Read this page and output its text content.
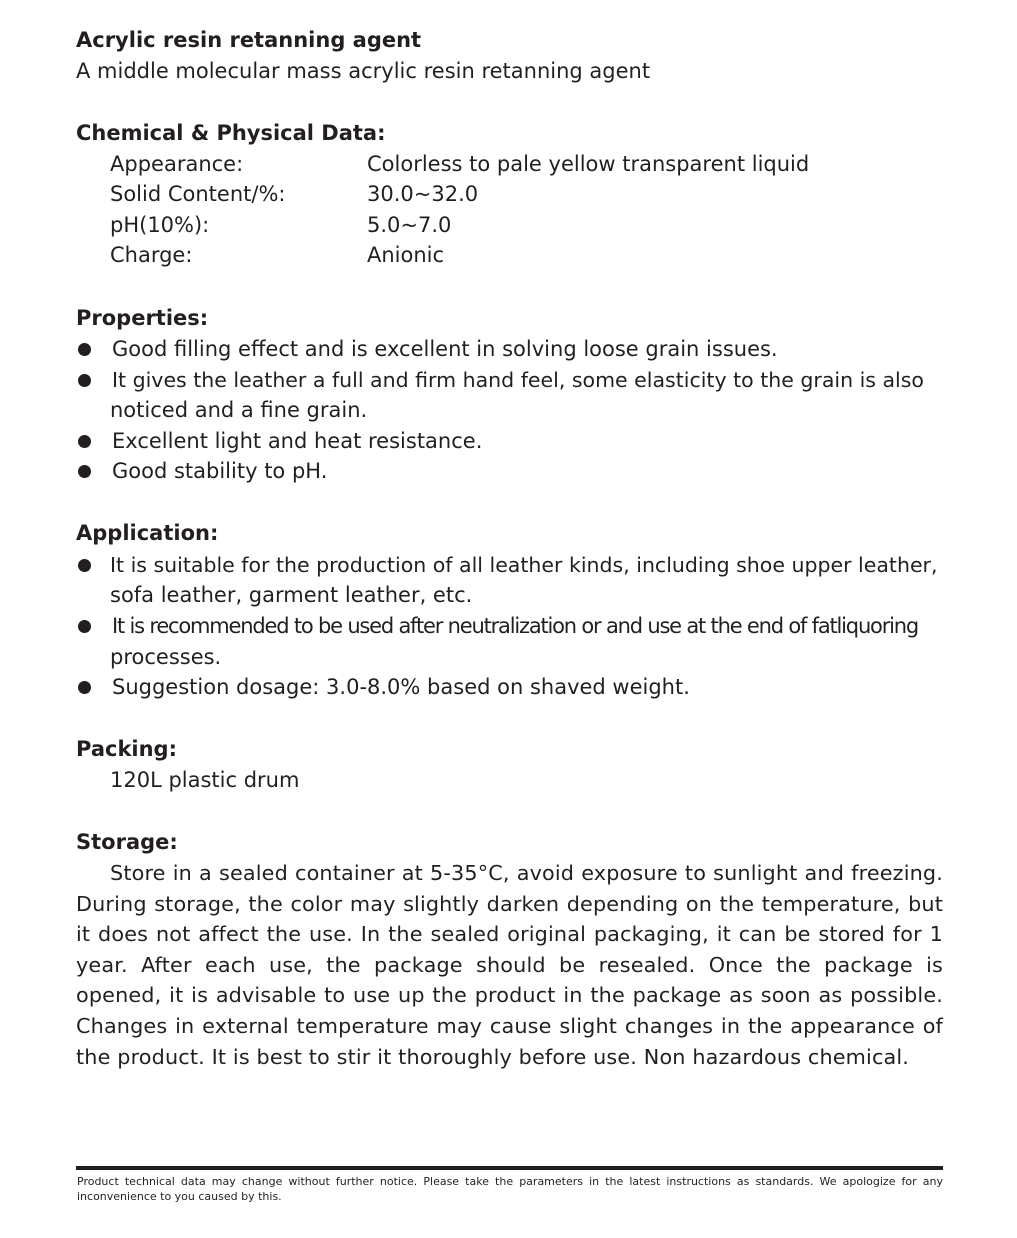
Acrylic resin retanning agent
A middle molecular mass acrylic resin retanning agent
Chemical & Physical Data:
Appearance:	Colorless to pale yellow transparent liquid
Solid Content/%:	30.0~32.0
pH(10%):	5.0~7.0
Charge:	Anionic
Properties:
Good filling effect and is excellent in solving loose grain issues.
It gives the leather a full and firm hand feel, some elasticity to the grain is also
noticed and a fine grain.
Excellent light and heat resistance.
Good stability to pH.
Application:
It is suitable for the production of all leather kinds, including shoe upper leather,
sofa leather, garment leather, etc.
It is recommended to be used after neutralization or and use at the end of fatliquoring
processes.
Suggestion dosage: 3.0-8.0% based on shaved weight.
Packing:
120L plastic drum
Storage:
Store in a sealed container at 5-35°C, avoid exposure to sunlight and freezing. During storage, the color may slightly darken depending on the temperature, but it does not affect the use. In the sealed original packaging, it can be stored for 1 year. After each use, the package should be resealed. Once the package is opened, it is advisable to use up the product in the package as soon as possible. Changes in external temperature may cause slight changes in the appearance of the product. It is best to stir it thoroughly before use. Non hazardous chemical.
Product technical data may change without further notice. Please take the parameters in the latest instructions as standards. We apologize for any inconvenience to you caused by this.
